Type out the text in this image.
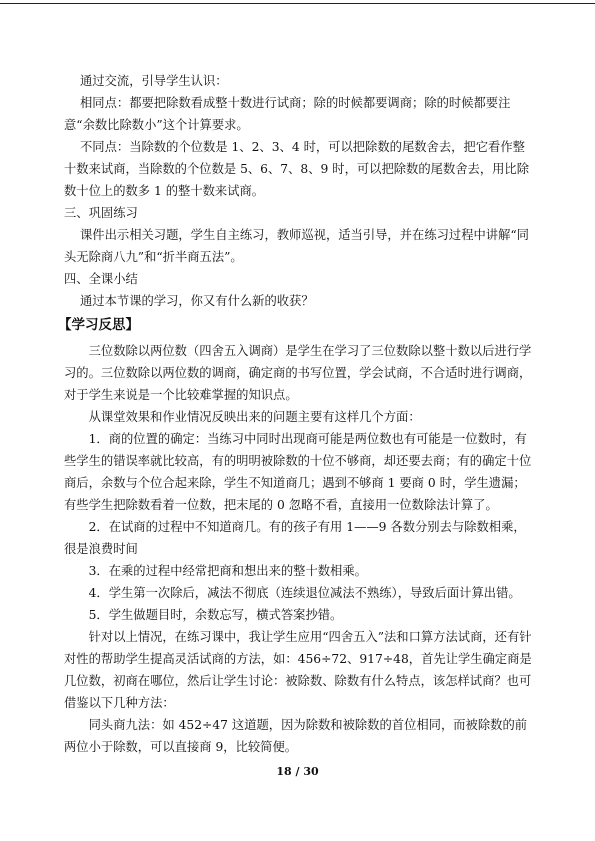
通过交流，引导学生认识：

相同点：都要把除数看成整十数进行试商；除的时候都要调商；除的时候都要注意“余数比除数小”这个计算要求。

不同点：当除数的个位数是 1、2、3、4 时，可以把除数的尾数舍去，把它看作整十数来试商，当除数的个位数是 5、6、7、8、9 时，可以把除数的尾数舍去，用比除数十位上的数多 1 的整十数来试商。

三、巩固练习

课件出示相关习题，学生自主练习，教师巡视，适当引导，并在练习过程中讲解“同头无除商八九”和“折半商五法”。

四、全课小结

通过本节课的学习，你又有什么新的收获？

【学习反思】

三位数除以两位数（四舍五入调商）是学生在学习了三位数除以整十数以后进行学习的。三位数除以两位数的调商，确定商的书写位置，学会试商，不合适时进行调商，对于学生来说是一个比较难掌握的知识点。

从课堂效果和作业情况反映出来的问题主要有这样几个方面：

1．商的位置的确定：当练习中同时出现商可能是两位数也有可能是一位数时，有些学生的错误率就比较高，有的明明被除数的十位不够商，却还要去商；有的确定十位商后，余数与个位合起来除，学生不知道商几；遇到不够商 1 要商 0 时，学生遗漏；有些学生把除数看着一位数，把末尾的 0 忽略不看，直接用一位数除法计算了。

2．在试商的过程中不知道商几。有的孩子有用 1——9 各数分别去与除数相乘，很是浪费时间

3．在乘的过程中经常把商和想出来的整十数相乘。

4．学生第一次除后，减法不彻底（连续退位减法不熟练），导致后面计算出错。

5．学生做题目时，余数忘写，横式答案抄错。

针对以上情况，在练习课中，我让学生应用“四舍五入”法和口算方法试商，还有针对性的帮助学生提高灵活试商的方法，如：456÷72、917÷48，首先让学生确定商是几位数，初商在哪位，然后让学生讨论：被除数、除数有什么特点，该怎样试商？也可借鉴以下几种方法：

同头商九法：如 452÷47 这道题，因为除数和被除数的首位相同，而被除数的前两位小于除数，可以直接商 9，比较简便。

18 / 30
